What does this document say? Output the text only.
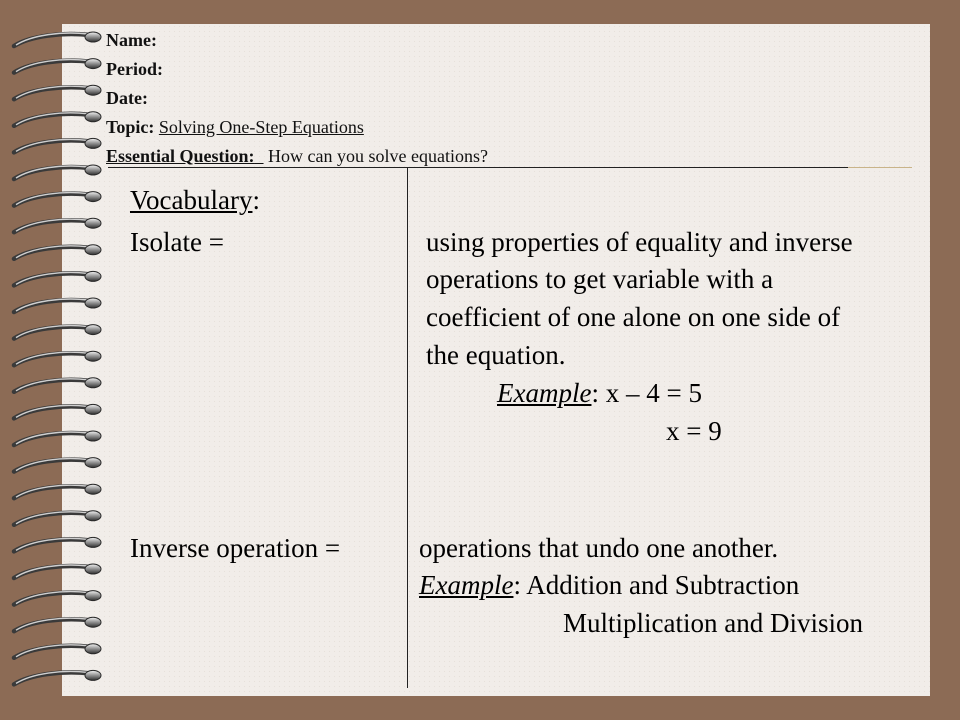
Name:
Period:
Date:
Topic: Solving One-Step Equations
Essential Question: How can you solve equations?
Vocabulary:
Isolate =	using properties of equality and inverse
operations to get variable with a
coefficient of one alone on one side of
the equation.
Example: x – 4 = 5
x = 9
Inverse operation =	operations that undo one another.
Example: Addition and Subtraction
Multiplication and Division
